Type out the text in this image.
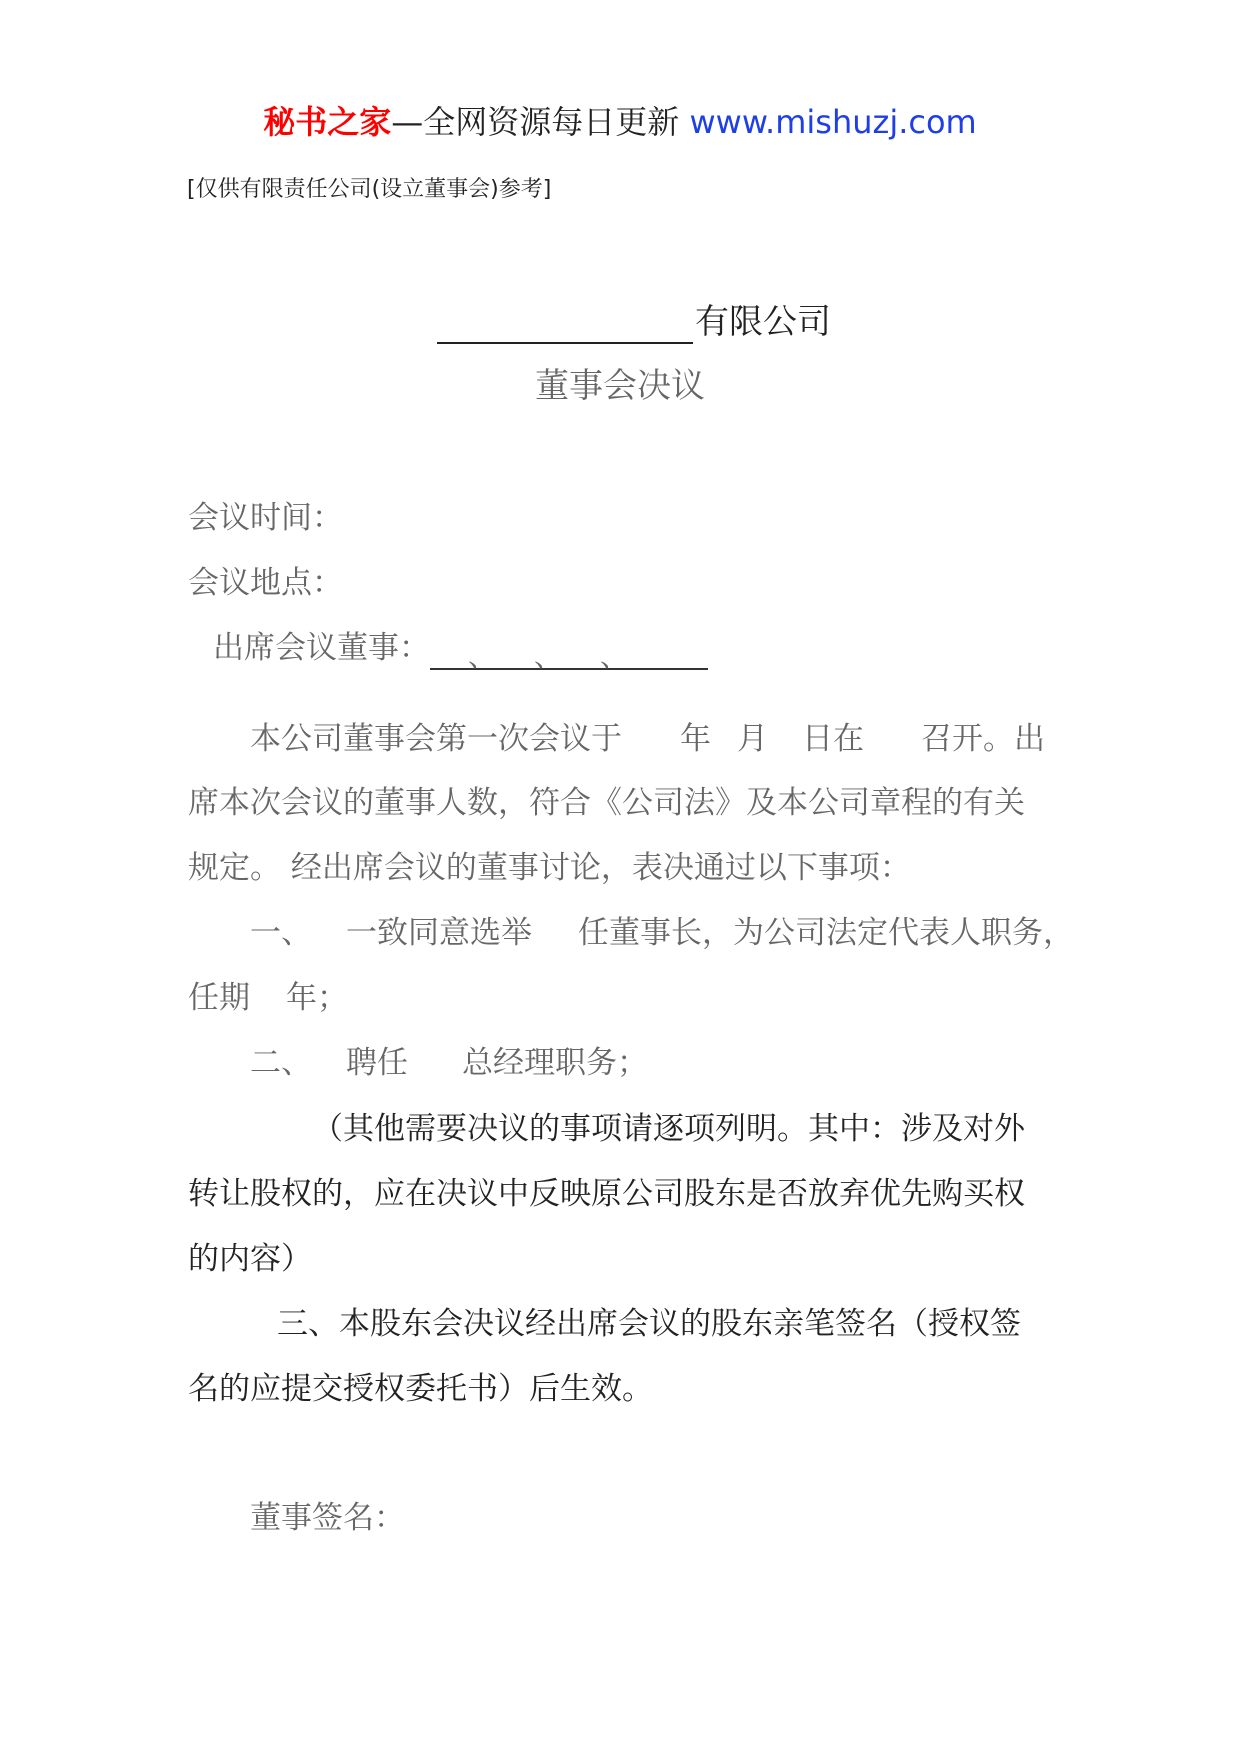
秘书之家—全网资源每日更新 www.mishuzj.com
[仅供有限责任公司(设立董事会)参考]
有限公司
董事会决议
会议时间：
会议地点：
出席会议董事： 、 、 、
本公司董事会第一次会议于 年 月 日在 召开。出
席本次会议的董事人数，符合《公司法》及本公司章程的有关
规定。 经出席会议的董事讨论，表决通过以下事项：
一、 一致同意选举 任董事长，为公司法定代表人职务，
任期 年；
二、 聘任 总经理职务；
（其他需要决议的事项请逐项列明。其中：涉及对外
转让股权的，应在决议中反映原公司股东是否放弃优先购买权
的内容）
三、本股东会决议经出席会议的股东亲笔签名（授权签
名的应提交授权委托书）后生效。
董事签名：
